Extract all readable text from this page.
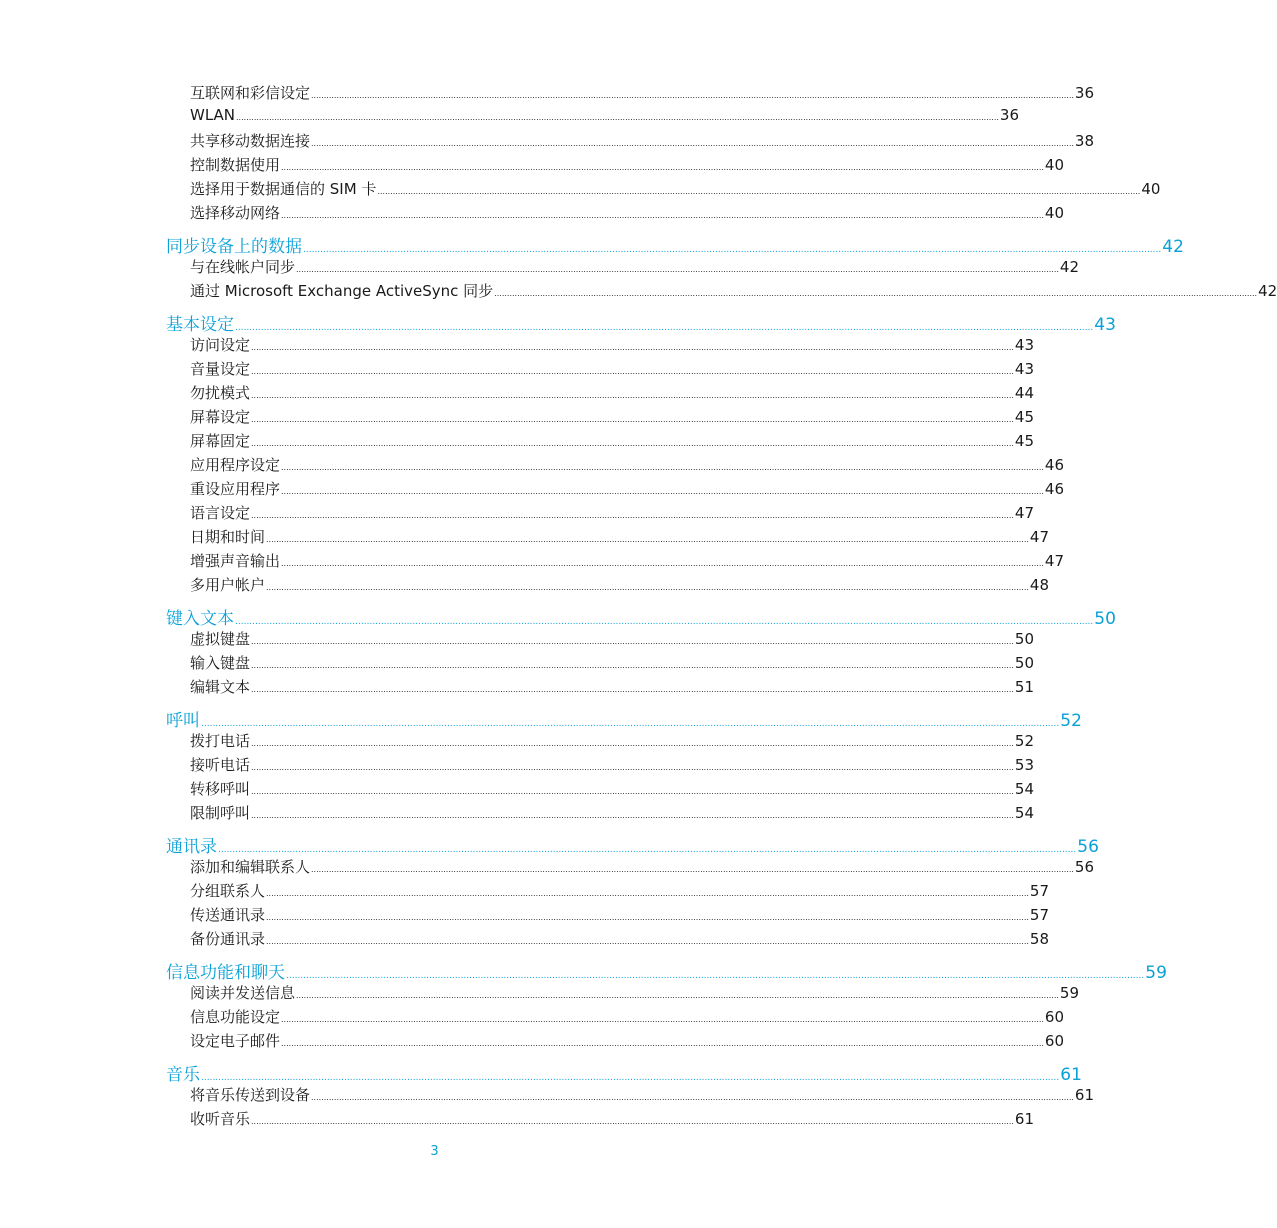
互联网和彩信设定 ............................................................................................................................................................................................................................................................................................................ 36
WLAN ............................................................................................................................................................................................................................................................................................................ 36
共享移动数据连接 ............................................................................................................................................................................................................................................................................................................ 38
控制数据使用 ............................................................................................................................................................................................................................................................................................................ 40
选择用于数据通信的 SIM 卡 ............................................................................................................................................................................................................................................................................................................ 40
选择移动网络 ............................................................................................................................................................................................................................................................................................................ 40
同步设备上的数据 ............................................................................................................................................................................................................................................................................................................ 42
与在线帐户同步 ............................................................................................................................................................................................................................................................................................................ 42
通过 Microsoft Exchange ActiveSync 同步 ............................................................................................................................................................................................................................................................................................................ 42
基本设定 ............................................................................................................................................................................................................................................................................................................ 43
访问设定 ............................................................................................................................................................................................................................................................................................................ 43
音量设定 ............................................................................................................................................................................................................................................................................................................ 43
勿扰模式 ............................................................................................................................................................................................................................................................................................................ 44
屏幕设定 ............................................................................................................................................................................................................................................................................................................ 45
屏幕固定 ............................................................................................................................................................................................................................................................................................................ 45
应用程序设定 ............................................................................................................................................................................................................................................................................................................ 46
重设应用程序 ............................................................................................................................................................................................................................................................................................................ 46
语言设定 ............................................................................................................................................................................................................................................................................................................ 47
日期和时间 ............................................................................................................................................................................................................................................................................................................ 47
增强声音输出 ............................................................................................................................................................................................................................................................................................................ 47
多用户帐户 ............................................................................................................................................................................................................................................................................................................ 48
键入文本 ............................................................................................................................................................................................................................................................................................................ 50
虚拟键盘 ............................................................................................................................................................................................................................................................................................................ 50
输入键盘 ............................................................................................................................................................................................................................................................................................................ 50
编辑文本 ............................................................................................................................................................................................................................................................................................................ 51
呼叫 ............................................................................................................................................................................................................................................................................................................ 52
拨打电话 ............................................................................................................................................................................................................................................................................................................ 52
接听电话 ............................................................................................................................................................................................................................................................................................................ 53
转移呼叫 ............................................................................................................................................................................................................................................................................................................ 54
限制呼叫 ............................................................................................................................................................................................................................................................................................................ 54
通讯录 ............................................................................................................................................................................................................................................................................................................ 56
添加和编辑联系人 ............................................................................................................................................................................................................................................................................................................ 56
分组联系人 ............................................................................................................................................................................................................................................................................................................ 57
传送通讯录 ............................................................................................................................................................................................................................................................................................................ 57
备份通讯录 ............................................................................................................................................................................................................................................................................................................ 58
信息功能和聊天 ............................................................................................................................................................................................................................................................................................................ 59
阅读并发送信息 ............................................................................................................................................................................................................................................................................................................ 59
信息功能设定 ............................................................................................................................................................................................................................................................................................................ 60
设定电子邮件 ............................................................................................................................................................................................................................................................................................................ 60
音乐 ............................................................................................................................................................................................................................................................................................................ 61
将音乐传送到设备 ............................................................................................................................................................................................................................................................................................................ 61
收听音乐 ............................................................................................................................................................................................................................................................................................................ 61
3
